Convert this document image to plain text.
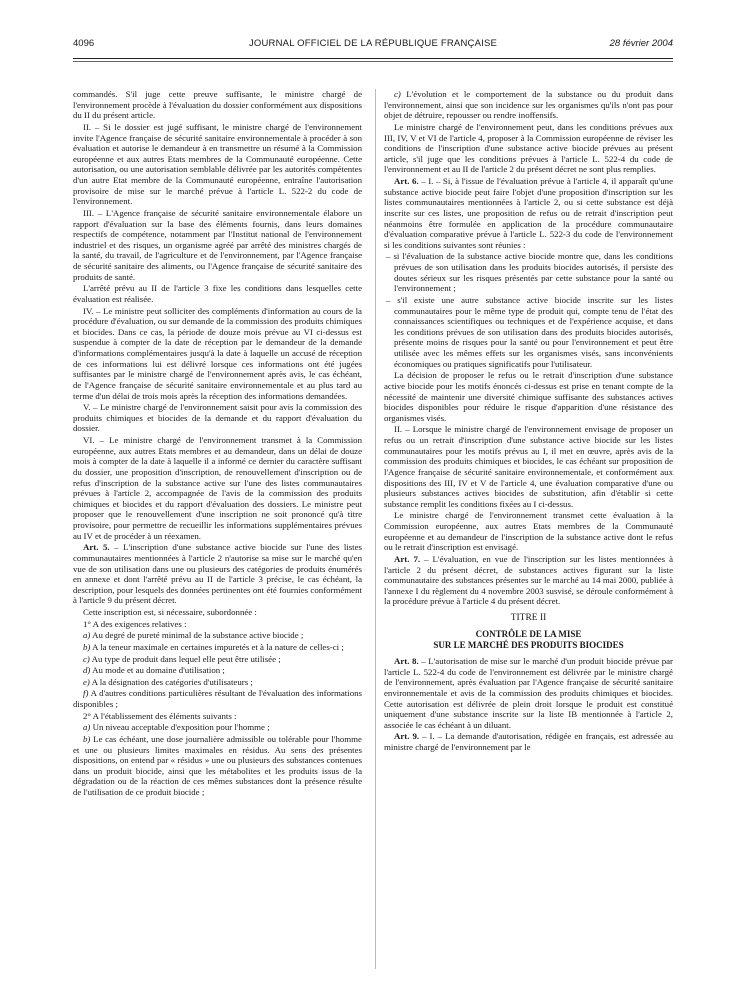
4096	JOURNAL OFFICIEL DE LA RÉPUBLIQUE FRANÇAISE	28 février 2004

commandés. S'il juge cette preuve suffisante, le ministre chargé de l'environnement procède à l'évaluation du dossier conformément aux dispositions du II du présent article.

II. – Si le dossier est jugé suffisant, le ministre chargé de l'environnement invite l'Agence française de sécurité sanitaire environnementale à procéder à son évaluation et autorise le demandeur à en transmettre un résumé à la Commission européenne et aux autres Etats membres de la Communauté européenne. Cette autorisation, ou une autorisation semblable délivrée par les autorités compétentes d'un autre Etat membre de la Communauté européenne, entraîne l'autorisation provisoire de mise sur le marché prévue à l'article L. 522-2 du code de l'environnement.

III. – L'Agence française de sécurité sanitaire environnementale élabore un rapport d'évaluation sur la base des éléments fournis, dans leurs domaines respectifs de compétence, notamment par l'Institut national de l'environnement industriel et des risques, un organisme agréé par arrêté des ministres chargés de la santé, du travail, de l'agriculture et de l'environnement, par l'Agence française de sécurité sanitaire des aliments, ou l'Agence française de sécurité sanitaire des produits de santé.

L'arrêté prévu au II de l'article 3 fixe les conditions dans lesquelles cette évaluation est réalisée.

IV. – Le ministre peut solliciter des compléments d'information au cours de la procédure d'évaluation, ou sur demande de la commission des produits chimiques et biocides. Dans ce cas, la période de douze mois prévue au VI ci-dessus est suspendue à compter de la date de réception par le demandeur de la demande d'informations complémentaires jusqu'à la date à laquelle un accusé de réception de ces informations lui est délivré lorsque ces informations ont été jugées suffisantes par le ministre chargé de l'environnement après avis, le cas échéant, de l'Agence française de sécurité sanitaire environnementale et au plus tard au terme d'un délai de trois mois après la réception des informations demandées.

V. – Le ministre chargé de l'environnement saisit pour avis la commission des produits chimiques et biocides de la demande et du rapport d'évaluation du dossier.

VI. – Le ministre chargé de l'environnement transmet à la Commission européenne, aux autres Etats membres et au demandeur, dans un délai de douze mois à compter de la date à laquelle il a informé ce dernier du caractère suffisant du dossier, une proposition d'inscription, de renouvellement d'inscription ou de refus d'inscription de la substance active sur l'une des listes communautaires prévues à l'article 2, accompagnée de l'avis de la commission des produits chimiques et biocides et du rapport d'évaluation des dossiers. Le ministre peut proposer que le renouvellement d'une inscription ne soit prononcé qu'à titre provisoire, pour permettre de recueillir les informations supplémentaires prévues au IV et de procéder à un réexamen.

Art. 5. – L'inscription d'une substance active biocide sur l'une des listes communautaires mentionnées à l'article 2 n'autorise sa mise sur le marché qu'en vue de son utilisation dans une ou plusieurs des catégories de produits énumérés en annexe et dont l'arrêté prévu au II de l'article 3 précise, le cas échéant, la description, pour lesquels des données pertinentes ont été fournies conformément à l'article 9 du présent décret.

Cette inscription est, si nécessaire, subordonnée :

1° A des exigences relatives :

a) Au degré de pureté minimal de la substance active biocide ;

b) A la teneur maximale en certaines impuretés et à la nature de celles-ci ;

c) Au type de produit dans lequel elle peut être utilisée ;

d) Au mode et au domaine d'utilisation ;

e) A la désignation des catégories d'utilisateurs ;

f) A d'autres conditions particulières résultant de l'évaluation des informations disponibles ;

2° A l'établissement des éléments suivants :

a) Un niveau acceptable d'exposition pour l'homme ;

b) Le cas échéant, une dose journalière admissible ou tolérable pour l'homme et une ou plusieurs limites maximales en résidus. Au sens des présentes dispositions, on entend par « résidus » une ou plusieurs des substances contenues dans un produit biocide, ainsi que les métabolites et les produits issus de la dégradation ou de la réaction de ces mêmes substances dont la présence résulte de l'utilisation de ce produit biocide ;

c) L'évolution et le comportement de la substance ou du produit dans l'environnement, ainsi que son incidence sur les organismes qu'ils n'ont pas pour objet de détruire, repousser ou rendre inoffensifs.

Le ministre chargé de l'environnement peut, dans les conditions prévues aux III, IV, V et VI de l'article 4, proposer à la Commission européenne de réviser les conditions de l'inscription d'une substance active biocide prévues au présent article, s'il juge que les conditions prévues à l'article L. 522-4 du code de l'environnement et au II de l'article 2 du présent décret ne sont plus remplies.

Art. 6. – I. – Si, à l'issue de l'évaluation prévue à l'article 4, il apparaît qu'une substance active biocide peut faire l'objet d'une proposition d'inscription sur les listes communautaires mentionnées à l'article 2, ou si cette substance est déjà inscrite sur ces listes, une proposition de refus ou de retrait d'inscription peut néanmoins être formulée en application de la procédure communautaire d'évaluation comparative prévue à l'article L. 522-3 du code de l'environnement si les conditions suivantes sont réunies :

– si l'évaluation de la substance active biocide montre que, dans les conditions prévues de son utilisation dans les produits biocides autorisés, il persiste des doutes sérieux sur les risques présentés par cette substance pour la santé ou l'environnement ;

– s'il existe une autre substance active biocide inscrite sur les listes communautaires pour le même type de produit qui, compte tenu de l'état des connaissances scientifiques ou techniques et de l'expérience acquise, et dans les conditions prévues de son utilisation dans des produits biocides autorisés, présente moins de risques pour la santé ou pour l'environnement et peut être utilisée avec les mêmes effets sur les organismes visés, sans inconvénients économiques ou pratiques significatifs pour l'utilisateur.

La décision de proposer le refus ou le retrait d'inscription d'une substance active biocide pour les motifs énoncés ci-dessus est prise en tenant compte de la nécessité de maintenir une diversité chimique suffisante des substances actives biocides disponibles pour réduire le risque d'apparition d'une résistance des organismes visés.

II. – Lorsque le ministre chargé de l'environnement envisage de proposer un refus ou un retrait d'inscription d'une substance active biocide sur les listes communautaires pour les motifs prévus au I, il met en œuvre, après avis de la commission des produits chimiques et biocides, le cas échéant sur proposition de l'Agence française de sécurité sanitaire environnementale, et conformément aux dispositions des III, IV et V de l'article 4, une évaluation comparative d'une ou plusieurs substances actives biocides de substitution, afin d'établir si cette substance remplit les conditions fixées au I ci-dessus.

Le ministre chargé de l'environnement transmet cette évaluation à la Commission européenne, aux autres Etats membres de la Communauté européenne et au demandeur de l'inscription de la substance active dont le refus ou le retrait d'inscription est envisagé.

Art. 7. – L'évaluation, en vue de l'inscription sur les listes mentionnées à l'article 2 du présent décret, de substances actives figurant sur la liste communautaire des substances présentes sur le marché au 14 mai 2000, publiée à l'annexe I du règlement du 4 novembre 2003 susvisé, se déroule conformément à la procédure prévue à l'article 4 du présent décret.

TITRE II
CONTRÔLE DE LA MISE
SUR LE MARCHÉ DES PRODUITS BIOCIDES

Art. 8. – L'autorisation de mise sur le marché d'un produit biocide prévue par l'article L. 522-4 du code de l'environnement est délivrée par le ministre chargé de l'environnement, après évaluation par l'Agence française de sécurité sanitaire environnementale et avis de la commission des produits chimiques et biocides. Cette autorisation est délivrée de plein droit lorsque le produit est constitué uniquement d'une substance inscrite sur la liste IB mentionnée à l'article 2, associée le cas échéant à un diluant.

Art. 9. – I. – La demande d'autorisation, rédigée en français, est adressée au ministre chargé de l'environnement par le
